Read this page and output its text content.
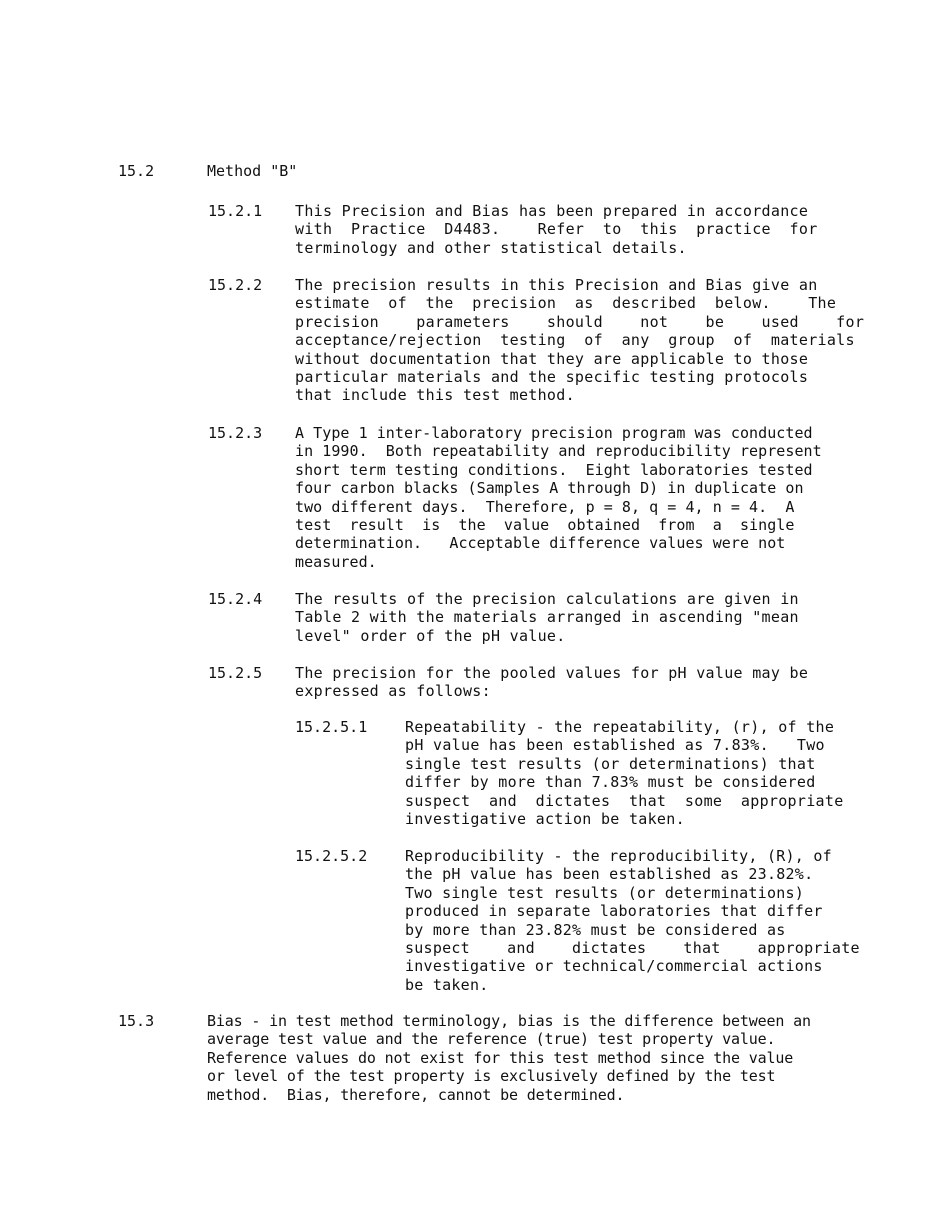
15.2	Method "B"
15.2.1	This Precision and Bias has been prepared in accordance
with  Practice  D4483.    Refer  to  this  practice  for
terminology and other statistical details.
15.2.2	The precision results in this Precision and Bias give an
estimate  of  the  precision  as  described  below.    The
precision    parameters    should    not    be    used    for
acceptance/rejection  testing  of  any  group  of  materials
without documentation that they are applicable to those
particular materials and the specific testing protocols
that include this test method.
15.2.3	A Type 1 inter-laboratory precision program was conducted
in 1990.  Both repeatability and reproducibility represent
short term testing conditions.  Eight laboratories tested
four carbon blacks (Samples A through D) in duplicate on
two different days.  Therefore, p = 8, q = 4, n = 4.  A
test  result  is  the  value  obtained  from  a  single
determination.   Acceptable difference values were not
measured.
15.2.4	The results of the precision calculations are given in
Table 2 with the materials arranged in ascending "mean
level" order of the pH value.
15.2.5	The precision for the pooled values for pH value may be
expressed as follows:
15.2.5.1	Repeatability - the repeatability, (r), of the
pH value has been established as 7.83%.   Two
single test results (or determinations) that
differ by more than 7.83% must be considered
suspect  and  dictates  that  some  appropriate
investigative action be taken.
15.2.5.2	Reproducibility - the reproducibility, (R), of
the pH value has been established as 23.82%.
Two single test results (or determinations)
produced in separate laboratories that differ
by more than 23.82% must be considered as
suspect    and    dictates    that    appropriate
investigative or technical/commercial actions
be taken.
15.3	Bias - in test method terminology, bias is the difference between an
average test value and the reference (true) test property value.
Reference values do not exist for this test method since the value
or level of the test property is exclusively defined by the test
method.  Bias, therefore, cannot be determined.
